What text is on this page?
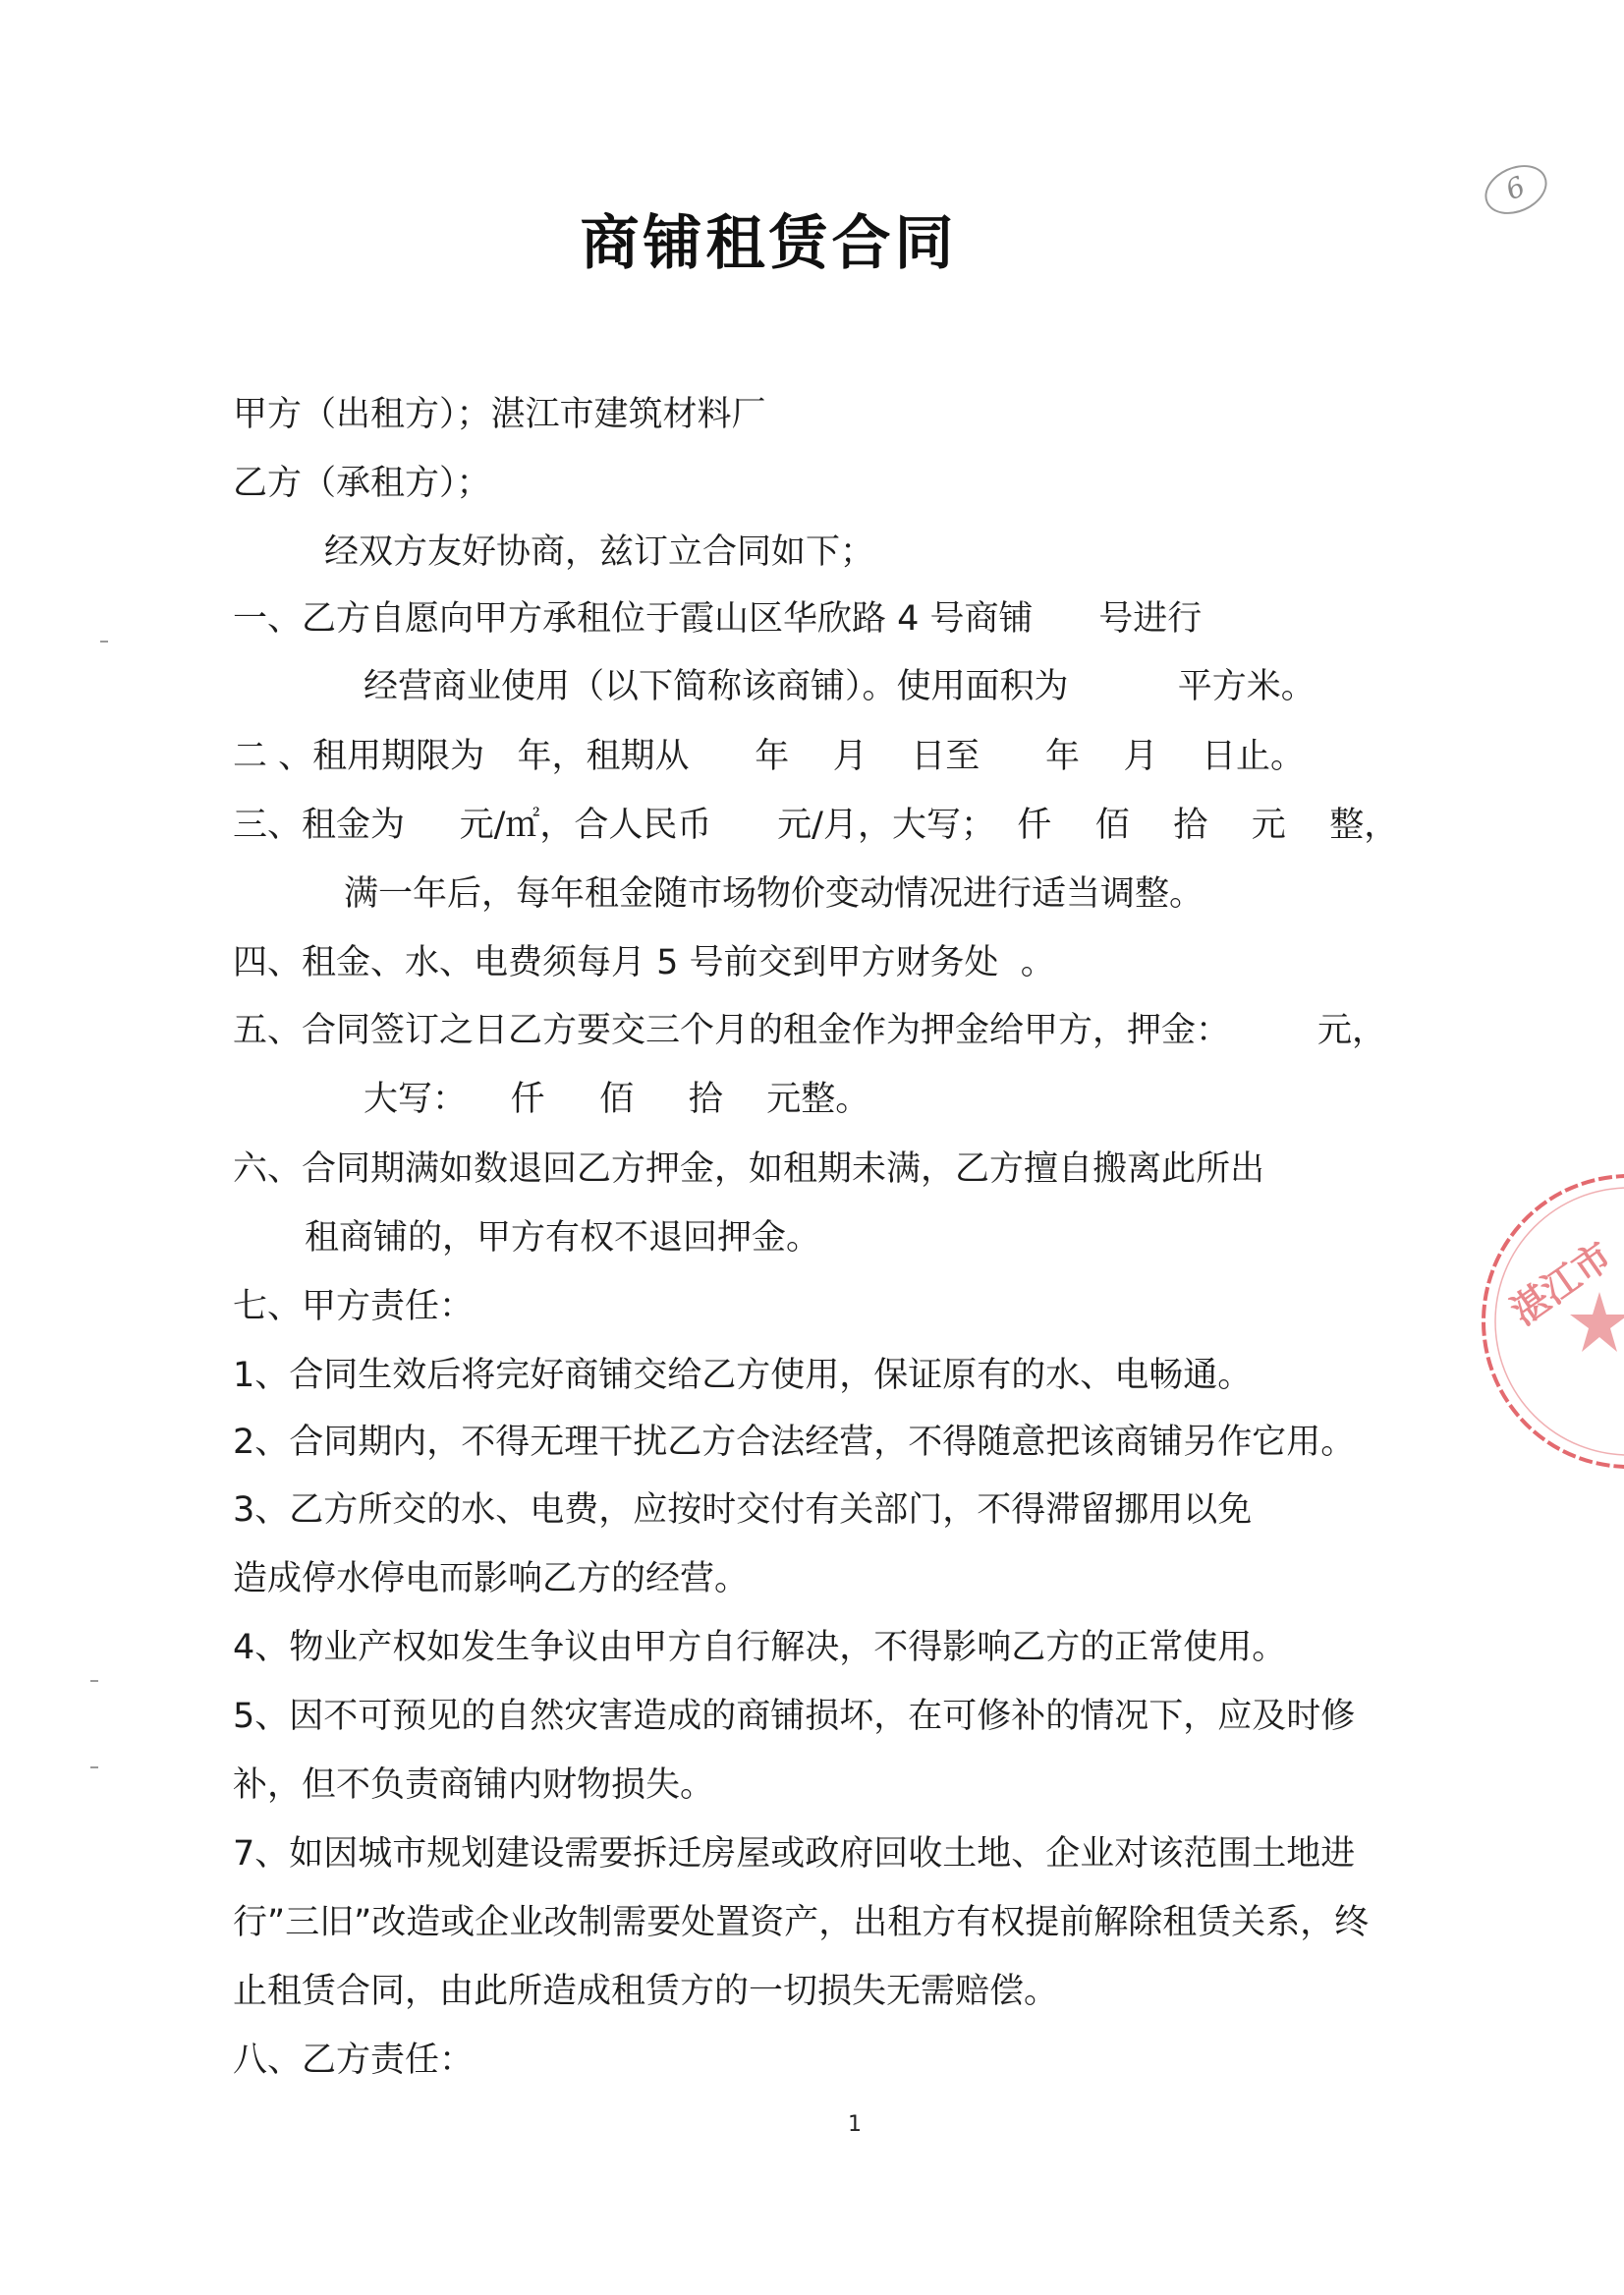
6
商铺租赁合同
甲方（出租方）；湛江市建筑材料厂
乙方（承租方）；
经双方友好协商，兹订立合同如下；
一、乙方自愿向甲方承租位于霞山区华欣路 4 号商铺      号进行
经营商业使用（以下简称该商铺）。使用面积为          平方米。
二 、租用期限为   年，租期从      年    月    日至      年    月    日止。
三、租金为     元/㎡，合人民币      元/月，大写；  仟    佰    拾    元    整，
满一年后，每年租金随市场物价变动情况进行适当调整。
四、租金、水、电费须每月 5 号前交到甲方财务处  。
五、合同签订之日乙方要交三个月的租金作为押金给甲方，押金：        元，
大写：    仟     佰     拾    元整。
六、合同期满如数退回乙方押金，如租期未满，乙方擅自搬离此所出
租商铺的，甲方有权不退回押金。
七、甲方责任：
1、合同生效后将完好商铺交给乙方使用，保证原有的水、电畅通。
2、合同期内，不得无理干扰乙方合法经营，不得随意把该商铺另作它用。
3、乙方所交的水、电费，应按时交付有关部门，不得滞留挪用以免
造成停水停电而影响乙方的经营。
4、物业产权如发生争议由甲方自行解决，不得影响乙方的正常使用。
5、因不可预见的自然灾害造成的商铺损坏，在可修补的情况下，应及时修
补，但不负责商铺内财物损失。
7、如因城市规划建设需要拆迁房屋或政府回收土地、企业对该范围土地进
行”三旧”改造或企业改制需要处置资产，出租方有权提前解除租赁关系，终
止租赁合同，由此所造成租赁方的一切损失无需赔偿。
八、乙方责任：
1
湛江市
